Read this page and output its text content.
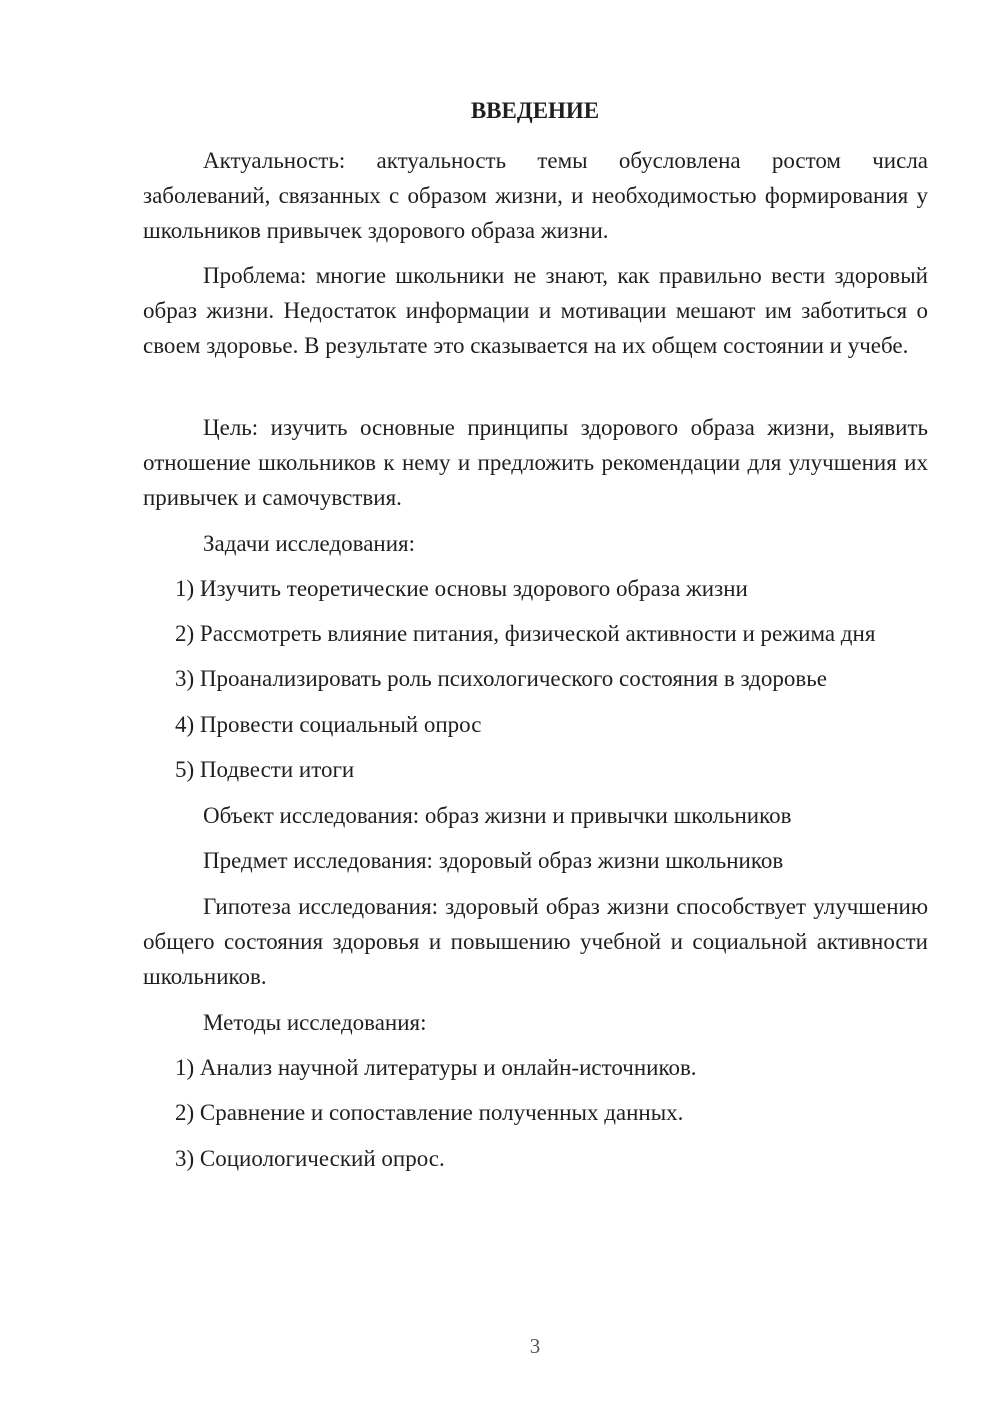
ВВЕДЕНИЕ

Актуальность: актуальность темы обусловлена ростом числа заболеваний, связанных с образом жизни, и необходимостью формирования у школьников привычек здорового образа жизни.

Проблема: многие школьники не знают, как правильно вести здоровый образ жизни. Недостаток информации и мотивации мешают им заботиться о своем здоровье. В результате это сказывается на их общем состоянии и учебе.

Цель: изучить основные принципы здорового образа жизни, выявить отношение школьников к нему и предложить рекомендации для улучшения их привычек и самочувствия.

Задачи исследования:

1) Изучить теоретические основы здорового образа жизни

2) Рассмотреть влияние питания, физической активности и режима дня

3) Проанализировать роль психологического состояния в здоровье

4) Провести социальный опрос

5) Подвести итоги

Объект исследования: образ жизни и привычки школьников

Предмет исследования: здоровый образ жизни школьников

Гипотеза исследования: здоровый образ жизни способствует улучшению общего состояния здоровья и повышению учебной и социальной активности школьников.

Методы исследования:

1) Анализ научной литературы и онлайн-источников.

2) Сравнение и сопоставление полученных данных.

3) Социологический опрос.

3
